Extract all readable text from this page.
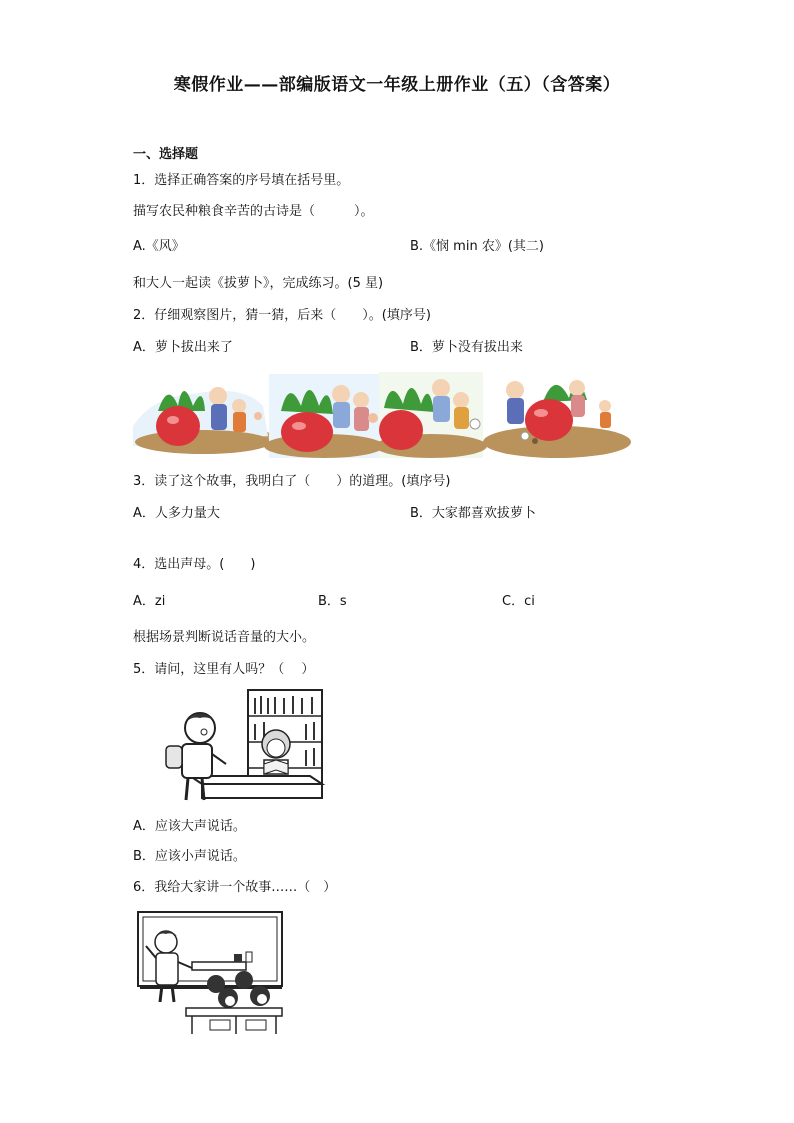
寒假作业——部编版语文一年级上册作业（五）（含答案）
一、选择题
1．选择正确答案的序号填在括号里。
描写农民种粮食辛苦的古诗是（　　　）。
A.《风》	B.《悯 min 农》(其二)
和大人一起读《拔萝卜》，完成练习。(5 星)
2．仔细观察图片，猜一猜，后来（　　）。(填序号)
A．萝卜拔出来了	B．萝卜没有拔出来
3．读了这个故事，我明白了（　　）的道理。(填序号)
A．人多力量大	B．大家都喜欢拔萝卜
4．选出声母。(　　)
A．zi	B．s	C．ci
根据场景判断说话音量的大小。
5．请问，这里有人吗？（　 ）
A．应该大声说话。
B．应该小声说话。
6．我给大家讲一个故事……（　）
